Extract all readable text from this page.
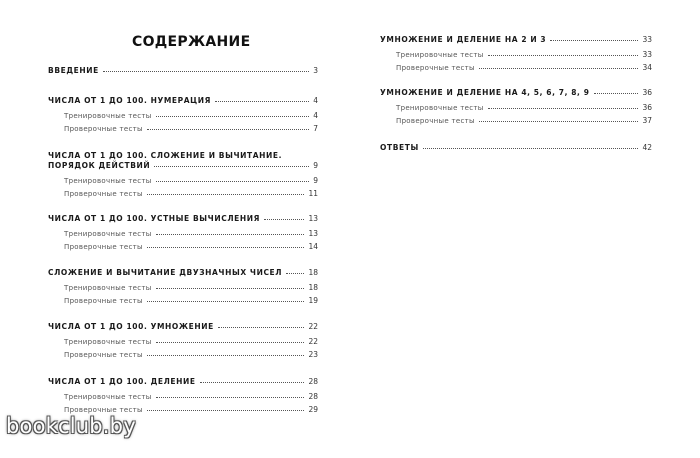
СОДЕРЖАНИЕ
ВВЕДЕНИЕ	3
ЧИСЛА ОТ 1 ДО 100. НУМЕРАЦИЯ	4
Тренировочные тесты	4
Проверочные тесты	7
ЧИСЛА ОТ 1 ДО 100. СЛОЖЕНИЕ И ВЫЧИТАНИЕ.
ПОРЯДОК ДЕЙСТВИЙ	9
Тренировочные тесты	9
Проверочные тесты	11
ЧИСЛА ОТ 1 ДО 100. УСТНЫЕ ВЫЧИСЛЕНИЯ	13
Тренировочные тесты	13
Проверочные тесты	14
СЛОЖЕНИЕ И ВЫЧИТАНИЕ ДВУЗНАЧНЫХ ЧИСЕЛ	18
Тренировочные тесты	18
Проверочные тесты	19
ЧИСЛА ОТ 1 ДО 100. УМНОЖЕНИЕ	22
Тренировочные тесты	22
Проверочные тесты	23
ЧИСЛА ОТ 1 ДО 100. ДЕЛЕНИЕ	28
Тренировочные тесты	28
Проверочные тесты	29
УМНОЖЕНИЕ И ДЕЛЕНИЕ НА 2 И 3	33
Тренировочные тесты	33
Проверочные тесты	34
УМНОЖЕНИЕ И ДЕЛЕНИЕ НА 4, 5, 6, 7, 8, 9	36
Тренировочные тесты	36
Проверочные тесты	37
ОТВЕТЫ	42
bookclub.by
